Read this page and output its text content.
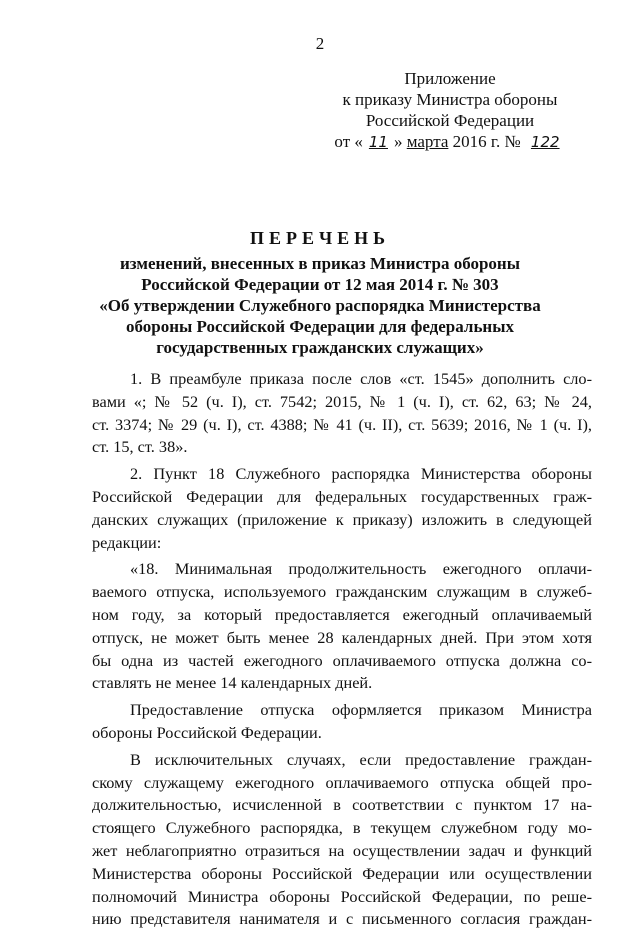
2
Приложение
к приказу Министра обороны
Российской Федерации
от « 11 » марта 2016 г. № 122
ПЕРЕЧЕНЬ
изменений, внесенных в приказ Министра обороны
Российской Федерации от 12 мая 2014 г. № 303
«Об утверждении Служебного распорядка Министерства
обороны Российской Федерации для федеральных
государственных гражданских служащих»
1. В преамбуле приказа после слов «ст. 1545» дополнить сло-
вами «; № 52 (ч. I), ст. 7542; 2015, № 1 (ч. I), ст. 62, 63; № 24,
ст. 3374; № 29 (ч. I), ст. 4388; № 41 (ч. II), ст. 5639; 2016, № 1 (ч. I),
ст. 15, ст. 38».
2. Пункт 18 Служебного распорядка Министерства обороны
Российской Федерации для федеральных государственных граж-
данских служащих (приложение к приказу) изложить в следующей
редакции:
«18. Минимальная продолжительность ежегодного оплачи-
ваемого отпуска, используемого гражданским служащим в служеб-
ном году, за который предоставляется ежегодный оплачиваемый
отпуск, не может быть менее 28 календарных дней. При этом хотя
бы одна из частей ежегодного оплачиваемого отпуска должна со-
ставлять не менее 14 календарных дней.
Предоставление отпуска оформляется приказом Министра
обороны Российской Федерации.
В исключительных случаях, если предоставление граждан-
скому служащему ежегодного оплачиваемого отпуска общей про-
должительностью, исчисленной в соответствии с пунктом 17 на-
стоящего Служебного распорядка, в текущем служебном году мо-
жет неблагоприятно отразиться на осуществлении задач и функций
Министерства обороны Российской Федерации или осуществлении
полномочий Министра обороны Российской Федерации, по реше-
нию представителя нанимателя и с письменного согласия граждан-
